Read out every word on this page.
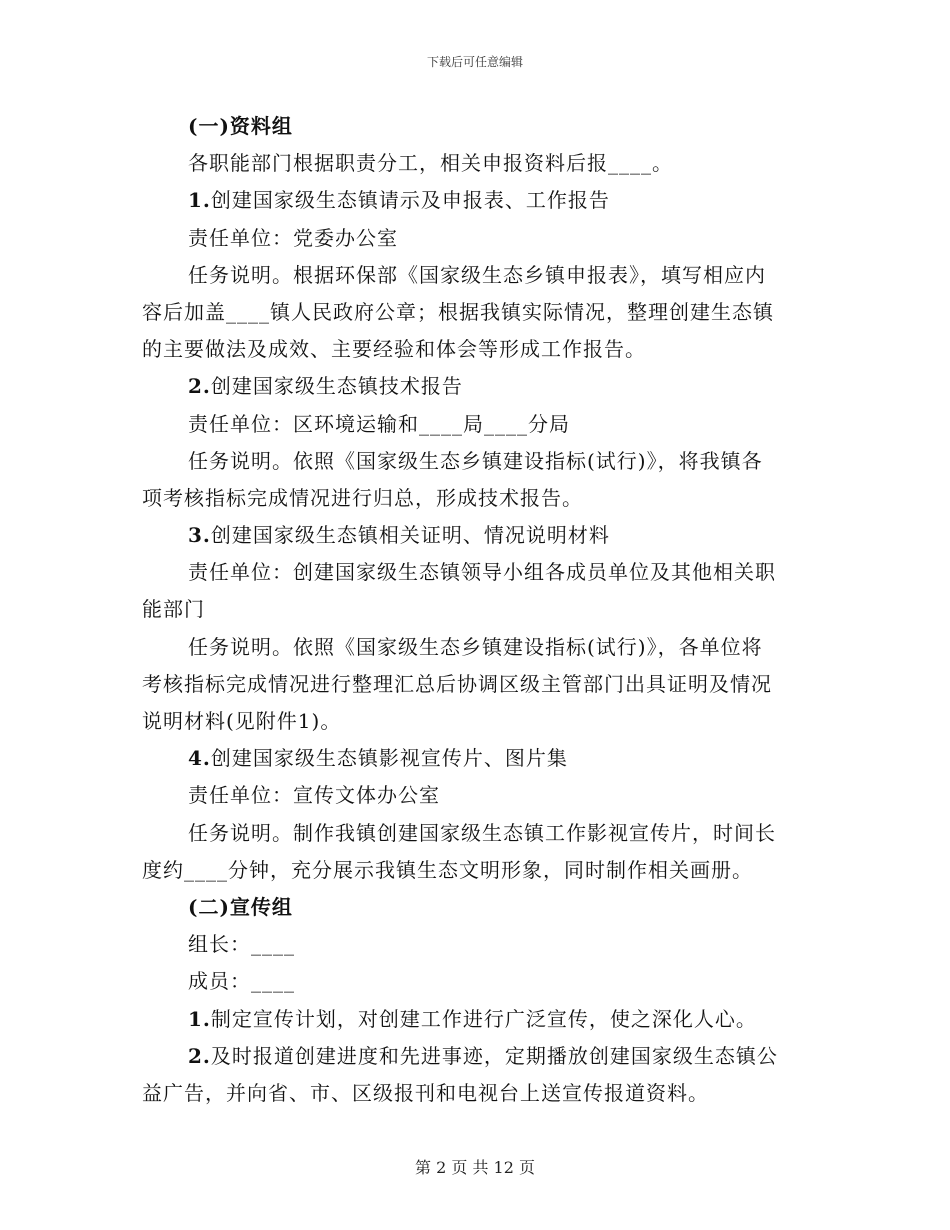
下载后可任意编辑
(一)资料组
各职能部门根据职责分工，相关申报资料后报____。
1.创建国家级生态镇请示及申报表、工作报告
责任单位：党委办公室
任务说明。根据环保部《国家级生态乡镇申报表》，填写相应内
容后加盖____镇人民政府公章；根据我镇实际情况，整理创建生态镇
的主要做法及成效、主要经验和体会等形成工作报告。
2.创建国家级生态镇技术报告
责任单位：区环境运输和____局____分局
任务说明。依照《国家级生态乡镇建设指标(试行)》，将我镇各
项考核指标完成情况进行归总，形成技术报告。
3.创建国家级生态镇相关证明、情况说明材料
责任单位：创建国家级生态镇领导小组各成员单位及其他相关职
能部门
任务说明。依照《国家级生态乡镇建设指标(试行)》，各单位将
考核指标完成情况进行整理汇总后协调区级主管部门出具证明及情况
说明材料(见附件1)。
4.创建国家级生态镇影视宣传片、图片集
责任单位：宣传文体办公室
任务说明。制作我镇创建国家级生态镇工作影视宣传片，时间长
度约____分钟，充分展示我镇生态文明形象，同时制作相关画册。
(二)宣传组
组长：____
成员：____
1.制定宣传计划，对创建工作进行广泛宣传，使之深化人心。
2.及时报道创建进度和先进事迹，定期播放创建国家级生态镇公
益广告，并向省、市、区级报刊和电视台上送宣传报道资料。
第 2 页 共 12 页
